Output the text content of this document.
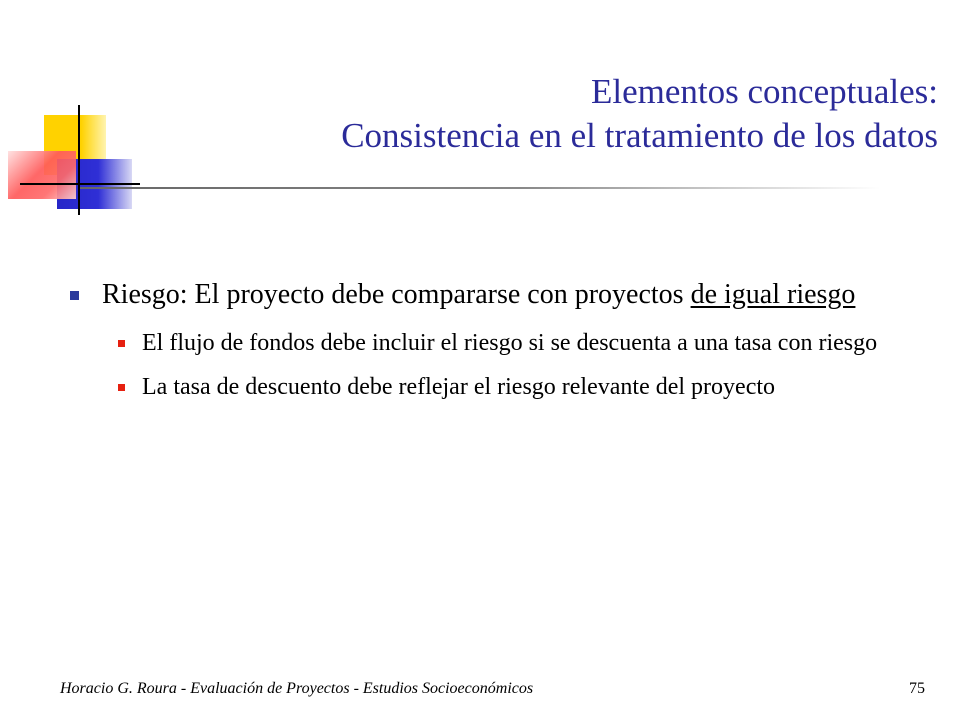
Elementos conceptuales:
Consistencia en el tratamiento de los datos
Riesgo: El proyecto debe compararse con proyectos de igual riesgo
El flujo de fondos debe incluir el riesgo si se descuenta a una tasa con riesgo
La tasa de descuento debe reflejar el riesgo relevante del proyecto
Horacio G. Roura - Evaluación de Proyectos - Estudios Socioeconómicos	75
